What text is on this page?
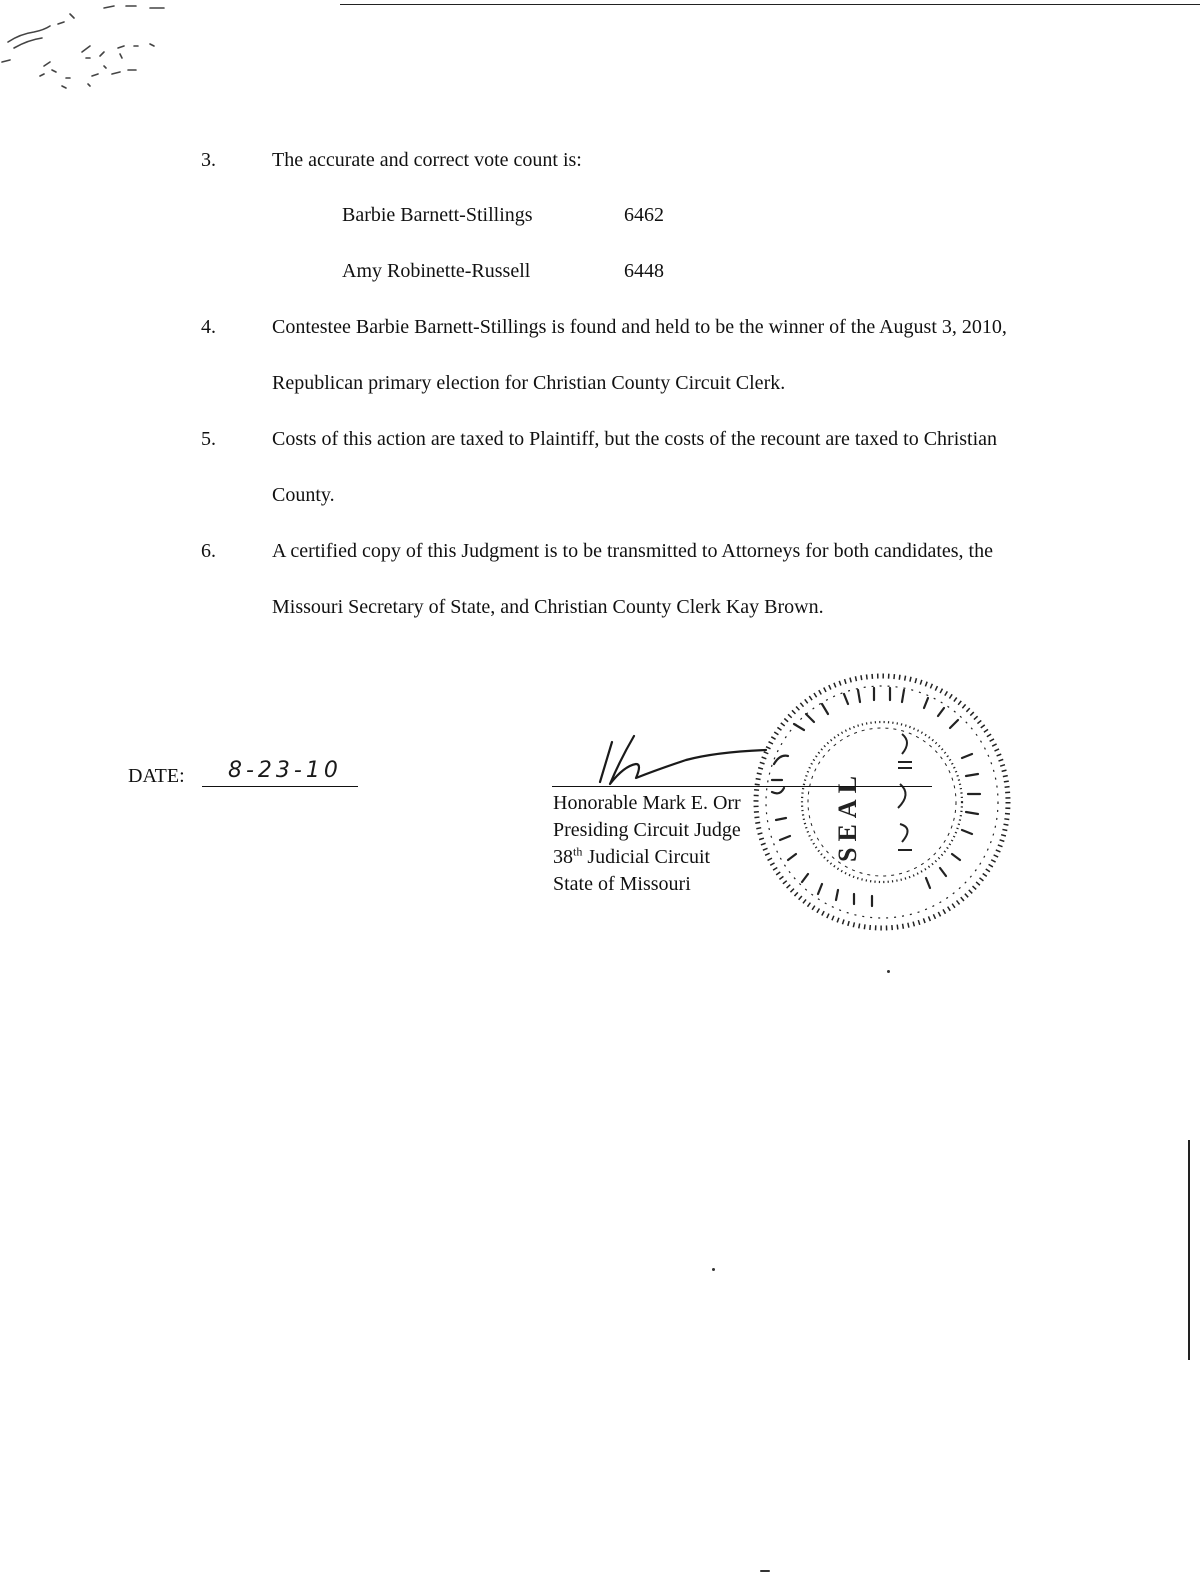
3.	The accurate and correct vote count is:
Barbie Barnett-Stillings	6462
Amy Robinette-Russell	6448
4.	Contestee Barbie Barnett-Stillings is found and held to be the winner of the August 3, 2010, Republican primary election for Christian County Circuit Clerk.
5.	Costs of this action are taxed to Plaintiff, but the costs of the recount are taxed to Christian County.
6.	A certified copy of this Judgment is to be transmitted to Attorneys for both candidates, the Missouri Secretary of State, and Christian County Clerk Kay Brown.
DATE: 8-23-10	SEAL
Honorable Mark E. Orr
Presiding Circuit Judge
38th Judicial Circuit
State of Missouri
